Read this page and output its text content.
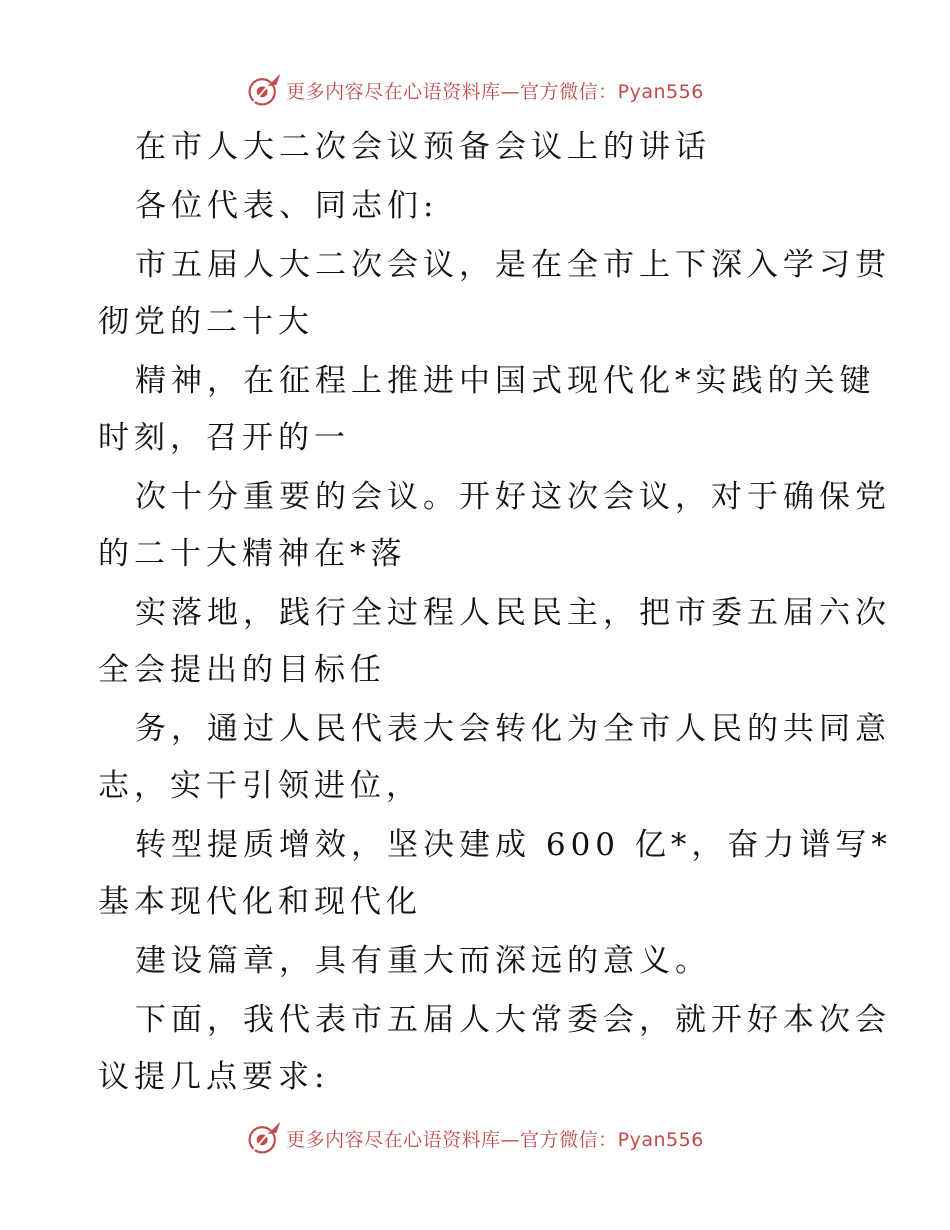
更多内容尽在心语资料库—官方微信：Pyan556

在市人大二次会议预备会议上的讲话

各位代表、同志们:

市五届人大二次会议，是在全市上下深入学习贯

彻党的二十大

精神，在征程上推进中国式现代化*实践的关键

时刻，召开的一

次十分重要的会议。开好这次会议，对于确保党

的二十大精神在*落

实落地，践行全过程人民民主，把市委五届六次

全会提出的目标任

务，通过人民代表大会转化为全市人民的共同意

志，实干引领进位，

转型提质增效，坚决建成 600 亿*，奋力谱写*

基本现代化和现代化

建设篇章，具有重大而深远的意义。

下面，我代表市五届人大常委会，就开好本次会

议提几点要求:

更多内容尽在心语资料库—官方微信：Pyan556
